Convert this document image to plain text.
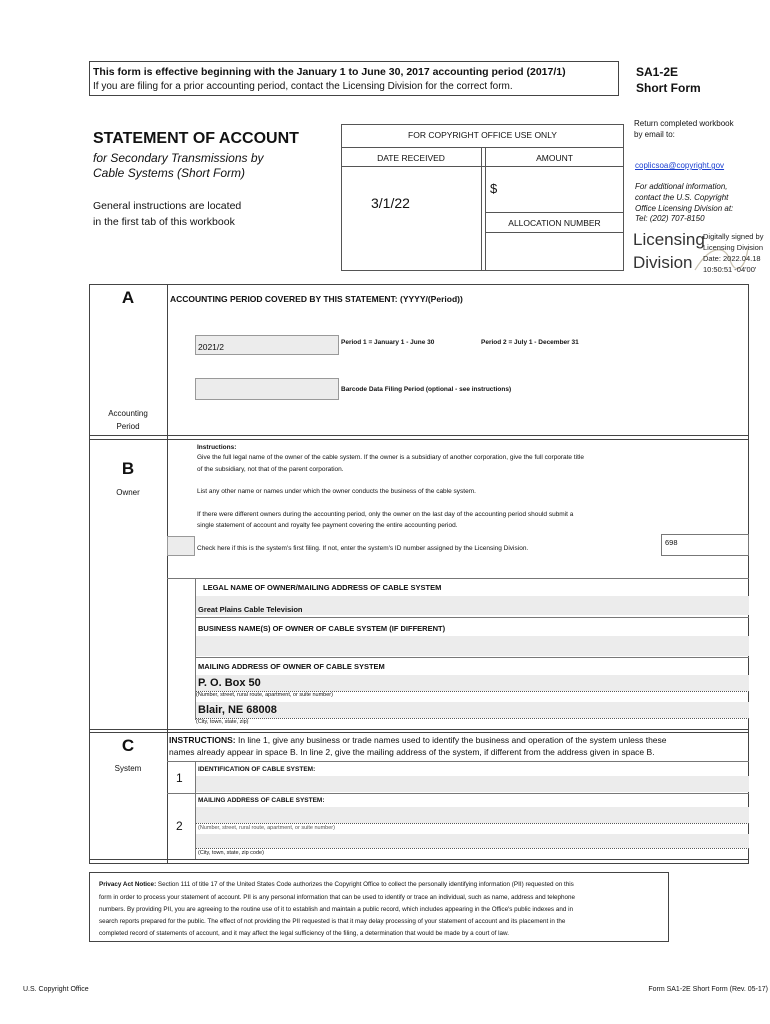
This form is effective beginning with the January 1 to June 30, 2017 accounting period (2017/1)
If you are filing for a prior accounting period, contact the Licensing Division for the correct form.
SA1-2E
Short Form
STATEMENT OF ACCOUNT
for Secondary Transmissions by
Cable Systems (Short Form)
General instructions are located
in the first tab of this workbook
FOR COPYRIGHT OFFICE USE ONLY
DATE RECEIVED	AMOUNT
3/1/22
$
ALLOCATION NUMBER
Return completed workbook
by email to:
coplicsoa@copyright.gov
For additional information,
contact the U.S. Copyright
Office Licensing Division at:
Tel: (202) 707-8150
Licensing
Division
Digitally signed by
Licensing Division
Date: 2022.04.18
10:50:51 -04'00'
A
Accounting
Period
ACCOUNTING PERIOD COVERED BY THIS STATEMENT: (YYYY/(Period))
2021/2	Period 1 = January 1 - June 30	Period 2 = July 1 - December 31
Barcode Data Filing Period (optional - see instructions)
B
Owner
Instructions:
Give the full legal name of the owner of the cable system. If the owner is a subsidiary of another corporation, give the full corporate title
of the subsidiary, not that of the parent corporation.
List any other name or names under which the owner conducts the business of the cable system.
If there were different owners during the accounting period, only the owner on the last day of the accounting period should submit a
single statement of account and royalty fee payment covering the entire accounting period.
Check here if this is the system's first filing. If not, enter the system's ID number assigned by the Licensing Division.
698
LEGAL NAME OF OWNER/MAILING ADDRESS OF CABLE SYSTEM
Great Plains Cable Television
BUSINESS NAME(S) OF OWNER OF CABLE SYSTEM (IF DIFFERENT)
MAILING ADDRESS OF OWNER OF CABLE SYSTEM
P. O. Box 50
(Number, street, rural route, apartment, or suite number)
Blair, NE 68008
(City, town, state, zip)
C
System
INSTRUCTIONS: In line 1, give any business or trade names used to identify the business and operation of the system unless these
names already appear in space B. In line 2, give the mailing address of the system, if different from the address given in space B.
1
IDENTIFICATION OF CABLE SYSTEM:
2
MAILING ADDRESS OF CABLE SYSTEM:
(Number, street, rural route, apartment, or suite number)
(City, town, state, zip code)
Privacy Act Notice: Section 111 of title 17 of the United States Code authorizes the Copyright Office to collect the personally identifying information (PII) requested on this
form in order to process your statement of account. PII is any personal information that can be used to identify or trace an individual, such as name, address and telephone
numbers. By providing PII, you are agreeing to the routine use of it to establish and maintain a public record, which includes appearing in the Office's public indexes and in
search reports prepared for the public. The effect of not providing the PII requested is that it may delay processing of your statement of account and its placement in the
completed record of statements of account, and it may affect the legal sufficiency of the filing, a determination that would be made by a court of law.
U.S. Copyright Office	Form SA1-2E Short Form (Rev. 05-17)
